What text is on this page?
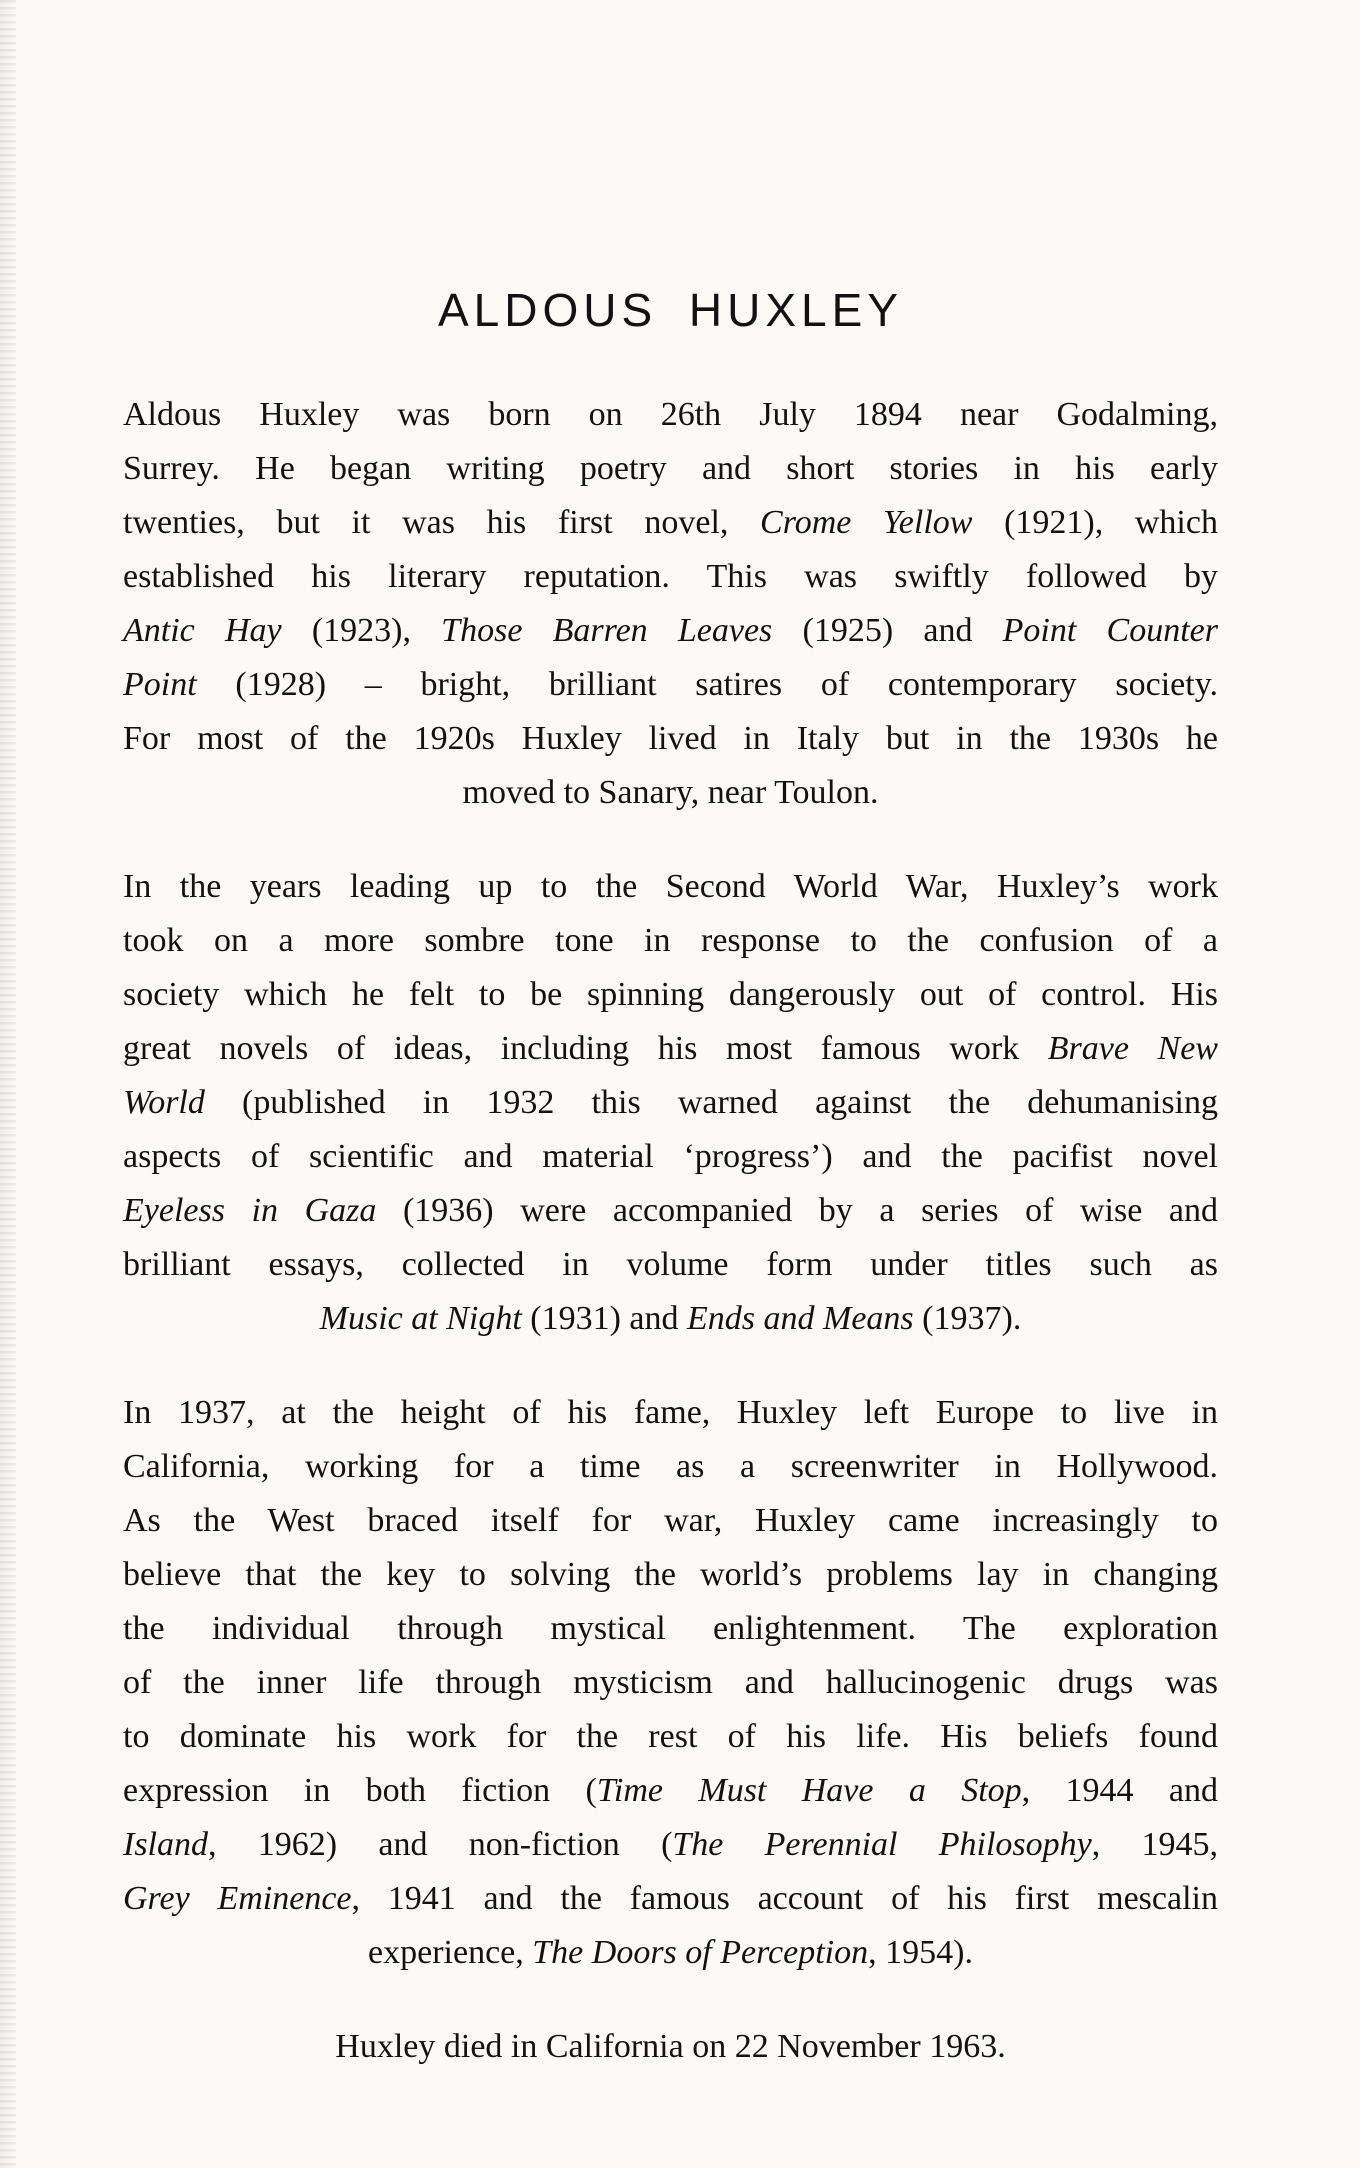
ALDOUS HUXLEY
Aldous Huxley was born on 26th July 1894 near Godalming,
Surrey. He began writing poetry and short stories in his early
twenties, but it was his first novel, Crome Yellow (1921), which
established his literary reputation. This was swiftly followed by
Antic Hay (1923), Those Barren Leaves (1925) and Point Counter
Point (1928) – bright, brilliant satires of contemporary society.
For most of the 1920s Huxley lived in Italy but in the 1930s he
moved to Sanary, near Toulon.
In the years leading up to the Second World War, Huxley’s work
took on a more sombre tone in response to the confusion of a
society which he felt to be spinning dangerously out of control. His
great novels of ideas, including his most famous work Brave New
World (published in 1932 this warned against the dehumanising
aspects of scientific and material ‘progress’) and the pacifist novel
Eyeless in Gaza (1936) were accompanied by a series of wise and
brilliant essays, collected in volume form under titles such as
Music at Night (1931) and Ends and Means (1937).
In 1937, at the height of his fame, Huxley left Europe to live in
California, working for a time as a screenwriter in Hollywood.
As the West braced itself for war, Huxley came increasingly to
believe that the key to solving the world’s problems lay in changing
the individual through mystical enlightenment. The exploration
of the inner life through mysticism and hallucinogenic drugs was
to dominate his work for the rest of his life. His beliefs found
expression in both fiction (Time Must Have a Stop, 1944 and
Island, 1962) and non-fiction (The Perennial Philosophy, 1945,
Grey Eminence, 1941 and the famous account of his first mescalin
experience, The Doors of Perception, 1954).
Huxley died in California on 22 November 1963.
